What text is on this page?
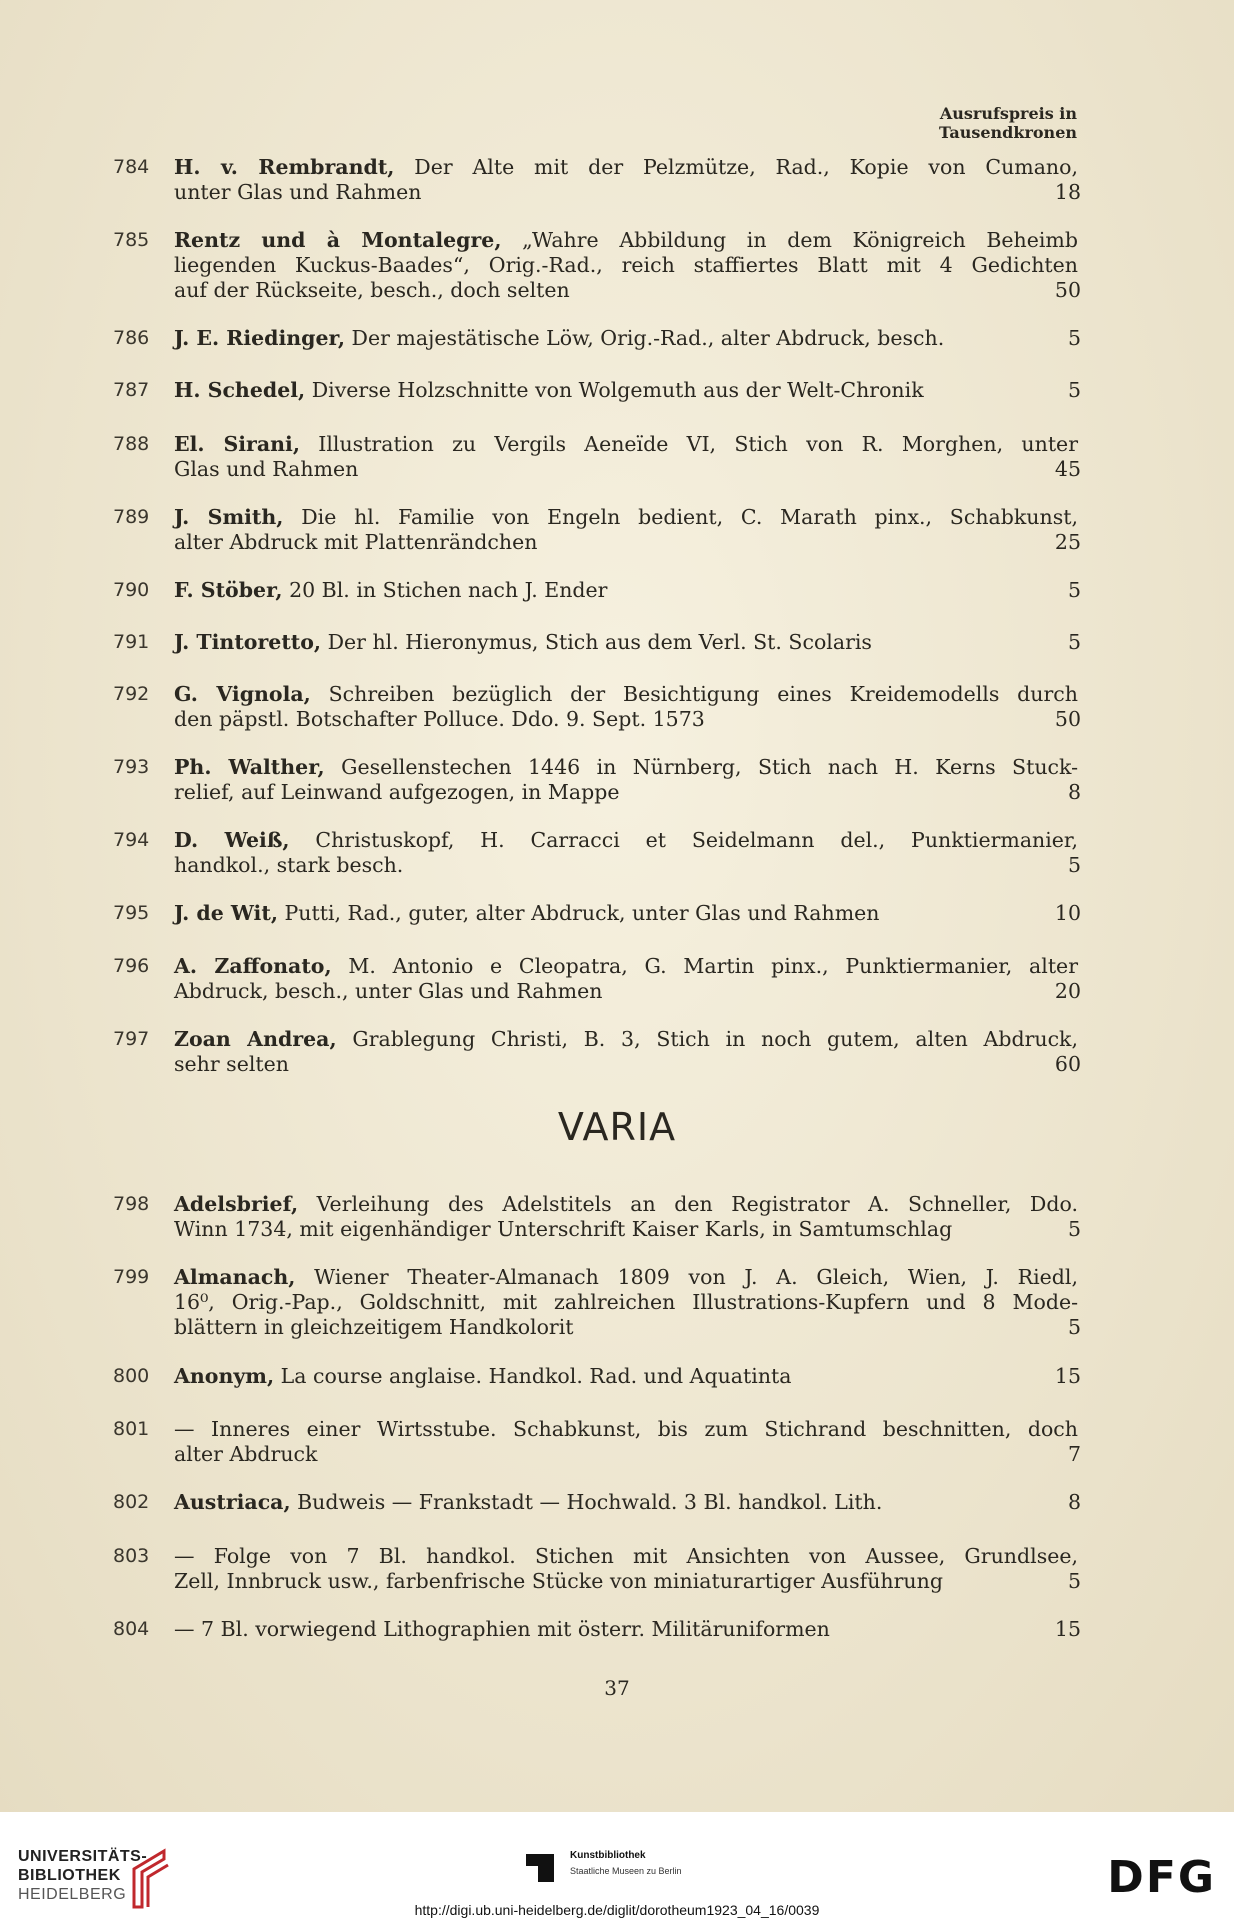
Ausrufspreis in
Tausendkronen
784	H. v. Rembrandt, Der Alte mit der Pelzmütze, Rad., Kopie von Cumano,
unter Glas und Rahmen	18
785	Rentz und à Montalegre, „Wahre Abbildung in dem Königreich Beheimb
liegenden Kuckus-Baades“, Orig.-Rad., reich staffiertes Blatt mit 4 Gedichten
auf der Rückseite, besch., doch selten	50
786	J. E. Riedinger, Der majestätische Löw, Orig.-Rad., alter Abdruck, besch.	5
787	H. Schedel, Diverse Holzschnitte von Wolgemuth aus der Welt-Chronik	5
788	El. Sirani, Illustration zu Vergils Aeneïde VI, Stich von R. Morghen, unter
Glas und Rahmen	45
789	J. Smith, Die hl. Familie von Engeln bedient, C. Marath pinx., Schabkunst,
alter Abdruck mit Plattenrändchen	25
790	F. Stöber, 20 Bl. in Stichen nach J. Ender	5
791	J. Tintoretto, Der hl. Hieronymus, Stich aus dem Verl. St. Scolaris	5
792	G. Vignola, Schreiben bezüglich der Besichtigung eines Kreidemodells durch
den päpstl. Botschafter Polluce. Ddo. 9. Sept. 1573	50
793	Ph. Walther, Gesellenstechen 1446 in Nürnberg, Stich nach H. Kerns Stuck-
relief, auf Leinwand aufgezogen, in Mappe	8
794	D. Weiß, Christuskopf, H. Carracci et Seidelmann del., Punktiermanier,
handkol., stark besch.	5
795	J. de Wit, Putti, Rad., guter, alter Abdruck, unter Glas und Rahmen	10
796	A. Zaffonato, M. Antonio e Cleopatra, G. Martin pinx., Punktiermanier, alter
Abdruck, besch., unter Glas und Rahmen	20
797	Zoan Andrea, Grablegung Christi, B. 3, Stich in noch gutem, alten Abdruck,
sehr selten	60
798	Adelsbrief, Verleihung des Adelstitels an den Registrator A. Schneller, Ddo.
Winn 1734, mit eigenhändiger Unterschrift Kaiser Karls, in Samtumschlag	5
799	Almanach, Wiener Theater-Almanach 1809 von J. A. Gleich, Wien, J. Riedl,
16⁰, Orig.-Pap., Goldschnitt, mit zahlreichen Illustrations-Kupfern und 8 Mode-
blättern in gleichzeitigem Handkolorit	5
800	Anonym, La course anglaise. Handkol. Rad. und Aquatinta	15
801	— Inneres einer Wirtsstube. Schabkunst, bis zum Stichrand beschnitten, doch
alter Abdruck	7
802	Austriaca, Budweis — Frankstadt — Hochwald. 3 Bl. handkol. Lith.	8
803	— Folge von 7 Bl. handkol. Stichen mit Ansichten von Aussee, Grundlsee,
Zell, Innbruck usw., farbenfrische Stücke von miniaturartiger Ausführung	5
804	— 7 Bl. vorwiegend Lithographien mit österr. Militäruniformen	15
VARIA
37
UNIVERSITÄTS-
BIBLIOTHEK
HEIDELBERG
Kunstbibliothek
Staatliche Museen zu Berlin	DFG
http://digi.ub.uni-heidelberg.de/diglit/dorotheum1923_04_16/0039
